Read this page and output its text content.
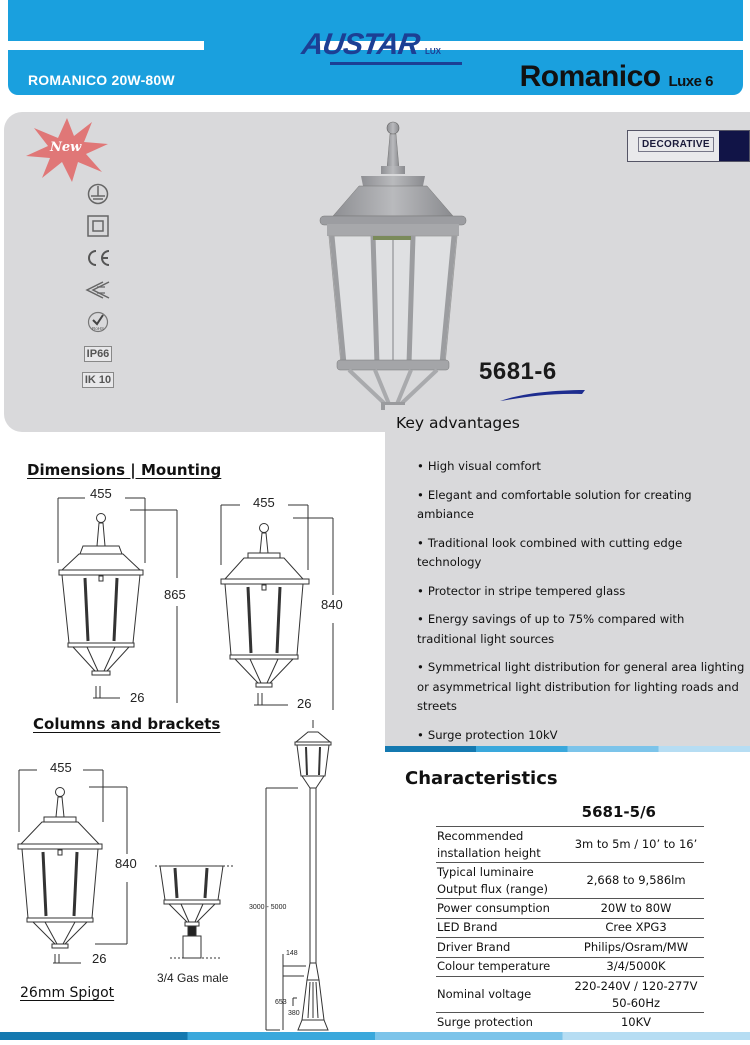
AUSTAR LUX
ROMANICO 20W-80W	Romanico Luxe 6
New
RoHS
IP66
IK 10
DECORATIVE
5681-6
Key advantages
• High visual comfort
• Elegant and comfortable solution for creating ambiance
• Traditional look combined with cutting edge technology
• Protector in stripe tempered glass
• Energy savings of up to 75% compared with traditional light sources
• Symmetrical light distribution for general area lighting or asymmetrical light distribution for lighting roads and streets
• Surge protection 10kV
Dimensions | Mounting
455
865
26
455
840
26
Columns and brackets
455
840
26
26mm Spigot
3/4 Gas male
3000 - 5000
148
653
380
Characteristics
5681-5/6
Recommended installation height	3m to 5m / 10’ to 16’
Typical luminaire Output flux (range)	2,668 to 9,586lm
Power consumption	20W to 80W
LED Brand	Cree XPG3
Driver Brand	Philips/Osram/MW
Colour temperature	3/4/5000K
Nominal voltage	220-240V / 120-277V 50-60Hz
Surge protection	10KV
